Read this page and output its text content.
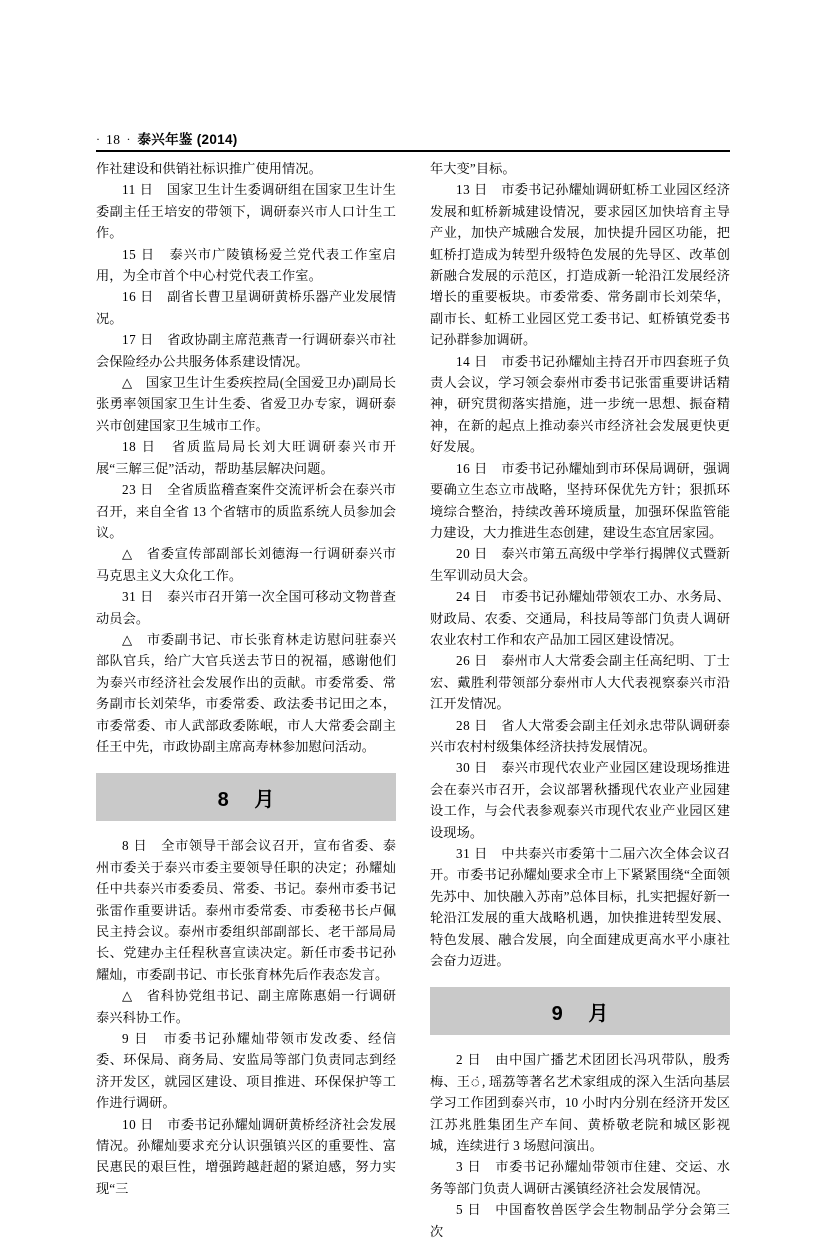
· 18 · 泰兴年鉴 (2014)

作社建设和供销社标识推广使用情况。

11 日 国家卫生计生委调研组在国家卫生计生委副主任王培安的带领下，调研泰兴市人口计生工作。

15 日 泰兴市广陵镇杨爱兰党代表工作室启用，为全市首个中心村党代表工作室。

16 日 副省长曹卫星调研黄桥乐器产业发展情况。

17 日 省政协副主席范燕青一行调研泰兴市社会保险经办公共服务体系建设情况。

△ 国家卫生计生委疾控局(全国爱卫办)副局长张勇率领国家卫生计生委、省爱卫办专家，调研泰兴市创建国家卫生城市工作。

18 日 省质监局局长刘大旺调研泰兴市开展“三解三促”活动，帮助基层解决问题。

23 日 全省质监稽查案件交流评析会在泰兴市召开，来自全省 13 个省辖市的质监系统人员参加会议。

△ 省委宣传部副部长刘德海一行调研泰兴市马克思主义大众化工作。

31 日 泰兴市召开第一次全国可移动文物普查动员会。

△ 市委副书记、市长张育林走访慰问驻泰兴部队官兵，给广大官兵送去节日的祝福，感谢他们为泰兴市经济社会发展作出的贡献。市委常委、常务副市长刘荣华，市委常委、政法委书记田之本，市委常委、市人武部政委陈岷，市人大常委会副主任王中先，市政协副主席高寿林参加慰问活动。

8 月

8 日 全市领导干部会议召开，宣布省委、泰州市委关于泰兴市委主要领导任职的决定；孙耀灿任中共泰兴市委委员、常委、书记。泰州市委书记张雷作重要讲话。泰州市委常委、市委秘书长卢佩民主持会议。泰州市委组织部副部长、老干部局局长、党建办主任程秋喜宣读决定。新任市委书记孙耀灿，市委副书记、市长张育林先后作表态发言。

△ 省科协党组书记、副主席陈惠娟一行调研泰兴科协工作。

9 日 市委书记孙耀灿带领市发改委、经信委、环保局、商务局、安监局等部门负责同志到经济开发区，就园区建设、项目推进、环保保护等工作进行调研。

10 日 市委书记孙耀灿调研黄桥经济社会发展情况。孙耀灿要求充分认识强镇兴区的重要性、富民惠民的艰巨性，增强跨越赶超的紧迫感，努力实现“三

年大变”目标。

13 日 市委书记孙耀灿调研虹桥工业园区经济发展和虹桥新城建设情况，要求园区加快培育主导产业，加快产城融合发展，加快提升园区功能，把虹桥打造成为转型升级特色发展的先导区、改革创新融合发展的示范区，打造成新一轮沿江发展经济增长的重要板块。市委常委、常务副市长刘荣华，副市长、虹桥工业园区党工委书记、虹桥镇党委书记孙群参加调研。

14 日 市委书记孙耀灿主持召开市四套班子负责人会议，学习领会泰州市委书记张雷重要讲话精神，研究贯彻落实措施，进一步统一思想、振奋精神，在新的起点上推动泰兴市经济社会发展更快更好发展。

16 日 市委书记孙耀灿到市环保局调研，强调要确立生态立市战略，坚持环保优先方针；狠抓环境综合整治，持续改善环境质量，加强环保监管能力建设，大力推进生态创建，建设生态宜居家园。

20 日 泰兴市第五高级中学举行揭牌仪式暨新生军训动员大会。

24 日 市委书记孙耀灿带领农工办、水务局、财政局、农委、交通局，科技局等部门负责人调研农业农村工作和农产品加工园区建设情况。

26 日 泰州市人大常委会副主任高纪明、丁士宏、戴胜利带领部分泰州市人大代表视察泰兴市沿江开发情况。

28 日 省人大常委会副主任刘永忠带队调研泰兴市农村村级集体经济扶持发展情况。

30 日 泰兴市现代农业产业园区建设现场推进会在泰兴市召开，会议部署秋播现代农业产业园建设工作，与会代表参观泰兴市现代农业产业园区建设现场。

31 日 中共泰兴市委第十二届六次全体会议召开。市委书记孙耀灿要求全市上下紧紧围绕“全面领先苏中、加快融入苏南”总体目标，扎实把握好新一轮沿江发展的重大战略机遇，加快推进转型发展、特色发展、融合发展，向全面建成更高水平小康社会奋力迈进。

9 月

2 日 由中国广播艺术团团长冯巩带队，殷秀梅、王், 瑶荔等著名艺术家组成的深入生活向基层学习工作团到泰兴市，10 小时内分别在经济开发区江苏兆胜集团生产车间、黄桥敬老院和城区影视城，连续进行 3 场慰问演出。

3 日 市委书记孙耀灿带领市住建、交运、水务等部门负责人调研古溪镇经济社会发展情况。

5 日 中国畜牧兽医学会生物制品学分会第三次
